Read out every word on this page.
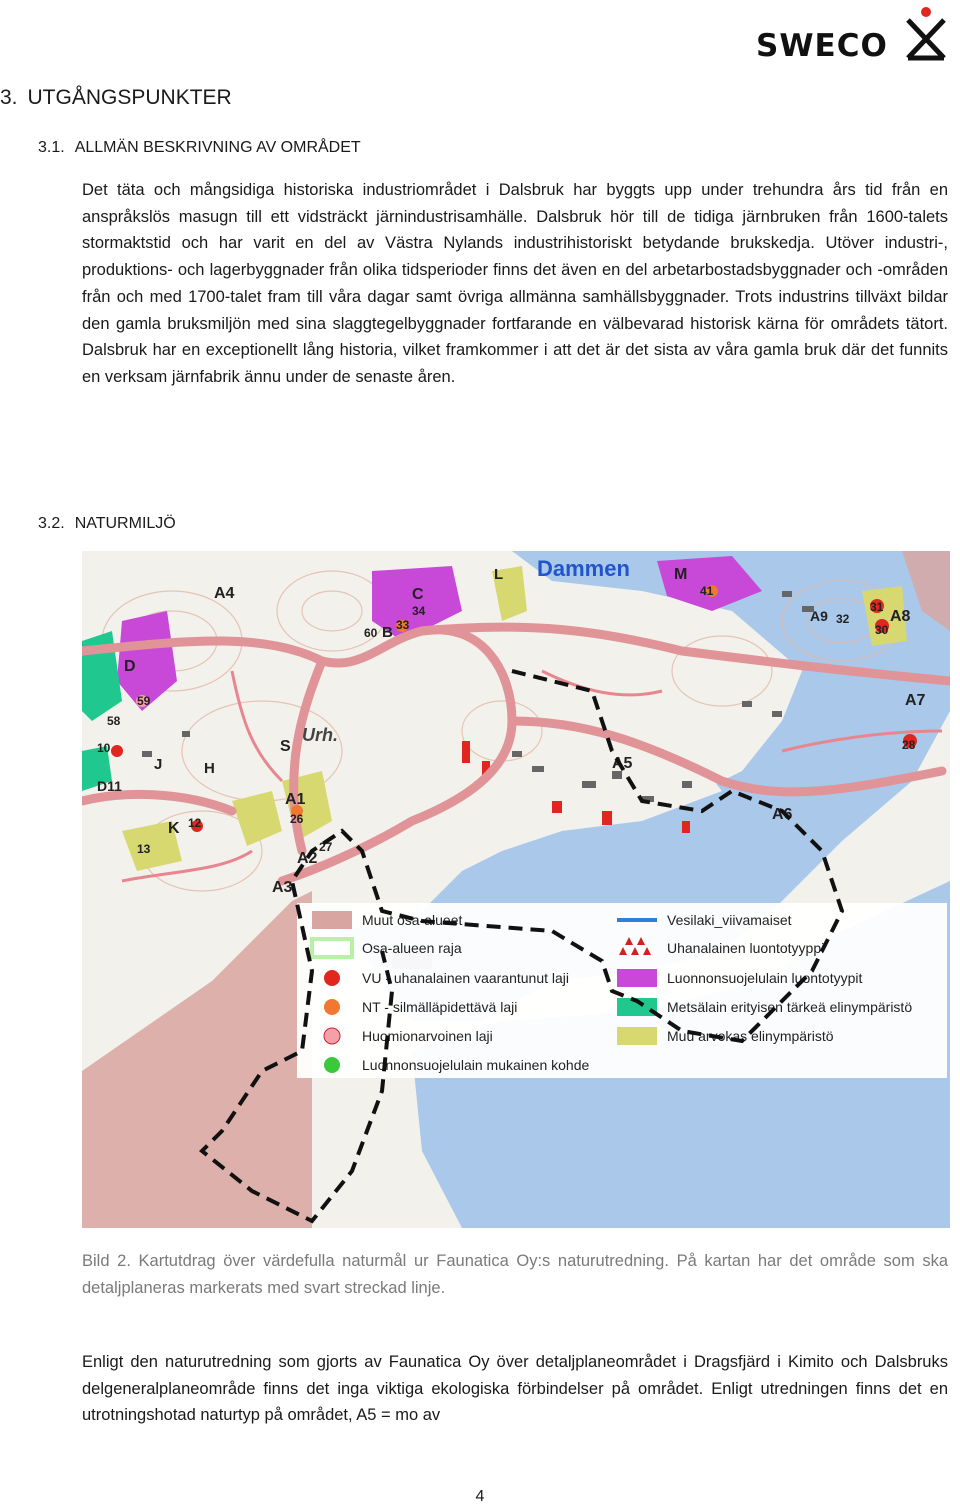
SWECO
3. UTGÅNGSPUNKTER
3.1. ALLMÄN BESKRIVNING AV OMRÅDET

Det täta och mångsidiga historiska industriområdet i Dalsbruk har byggts upp under trehundra års tid från en anspråkslös masugn till ett vidsträckt järnindustrisamhälle. Dalsbruk hör till de tidiga järnbruken från 1600-talets stormaktstid och har varit en del av Västra Nylands industrihistoriskt betydande brukskedja. Utöver industri-, produktions- och lagerbyggnader från olika tidsperioder finns det även en del arbetarbostadsbyggnader och -områden från och med 1700-talet fram till våra dagar samt övriga allmänna samhällsbyggnader. Trots industrins tillväxt bildar den gamla bruksmiljön med sina slaggtegelbyggnader fortfarande en välbevarad historisk kärna för områdets tätort. Dalsbruk har en exceptionellt lång historia, vilket framkommer i att det är det sista av våra gamla bruk där det funnits en verksam järnfabrik ännu under de senaste åren.

3.2. NATURMILJÖ
Dammen
Urh.
A4	C
34
60 B 33
L	M
41
A9 32
31
30
A8
D
59
58
S
A7
28
10
J	H
D11
A5
A1
26	A6
K 12
13	27
A2
A3
Muut osa-alueet
Osa-alueen raja
VU - uhanalainen vaarantunut laji
NT - silmälläpidettävä laji
Huomionarvoinen laji
Luonnonsuojelulain mukainen kohde
Vesilaki_viivamaiset
Uhanalainen luontotyyppi
Luonnonsuojelulain luontotyypit
Metsälain erityisen tärkeä elinympäristö
Muu arvokas elinympäristö

Bild 2. Kartutdrag över värdefulla naturmål ur Faunatica Oy:s naturutredning. På kartan har det område som ska detaljplaneras markerats med svart streckad linje.

Enligt den naturutredning som gjorts av Faunatica Oy över detaljplaneområdet i Dragsfjärd i Kimito och Dalsbruks delgeneralplaneområde finns det inga viktiga ekologiska förbindelser på området. Enligt utredningen finns det en utrotningshotad naturtyp på området, A5 = mo av

4
